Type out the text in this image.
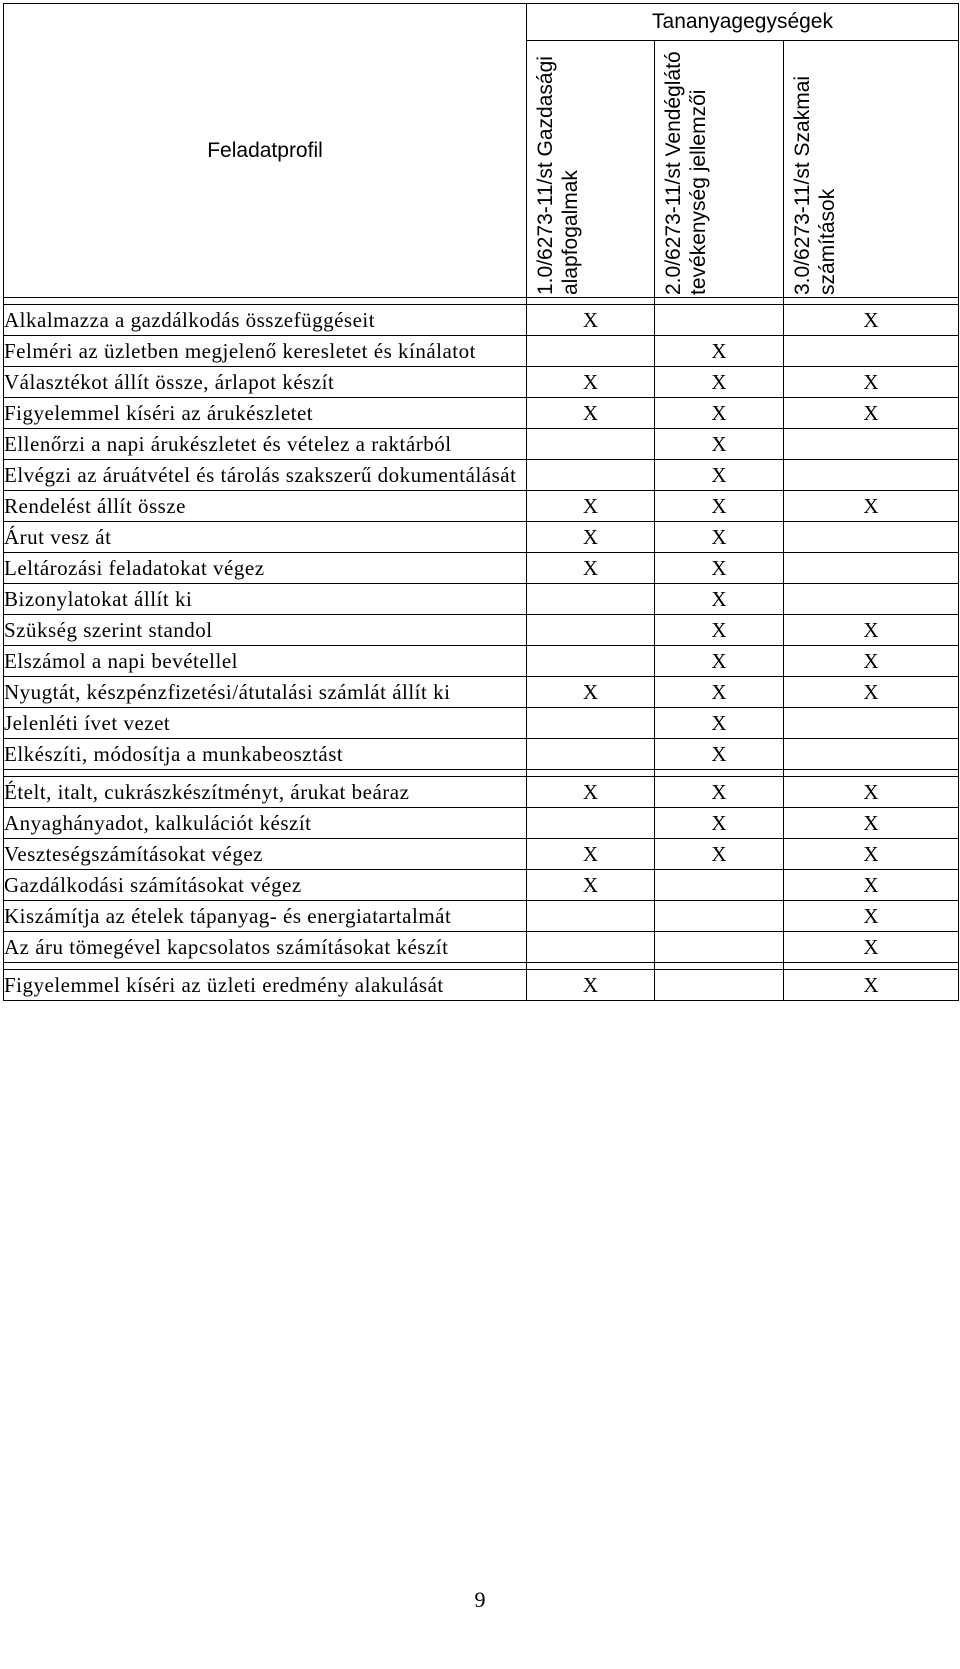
Feladatprofil	Tananyagegységek		

	1.0/6273-11/st Gazdasági alapfogalmak	2.0/6273-11/st Vendéglátó tevékenység jellemzői	3.0/6273-11/st Szakmai számítások

Alkalmazza a gazdálkodás összefüggéseit	X		X
Felméri az üzletben megjelenő keresletet és kínálatot		X	
Választékot állít össze, árlapot készít	X	X	X
Figyelemmel kíséri az árukészletet	X	X	X
Ellenőrzi a napi árukészletet és vételez a raktárból		X	
Elvégzi az áruátvétel és tárolás szakszerű dokumentálását		X	
Rendelést állít össze	X	X	X
Árut vesz át	X	X	
Leltározási feladatokat végez	X	X	
Bizonylatokat állít ki		X	
Szükség szerint standol		X	X
Elszámol a napi bevétellel		X	X
Nyugtát, készpénzfizetési/átutalási számlát állít ki	X	X	X
Jelenléti ívet vezet		X	
Elkészíti, módosítja a munkabeosztást		X	

Ételt, italt, cukrászkészítményt, árukat beáraz	X	X	X
Anyaghányadot, kalkulációt készít		X	X
Veszteségszámításokat végez	X	X	X
Gazdálkodási számításokat végez	X		X
Kiszámítja az ételek tápanyag- és energiatartalmát			X
Az áru tömegével kapcsolatos számításokat készít			X

Figyelemmel kíséri az üzleti eredmény alakulását	X		X
9
